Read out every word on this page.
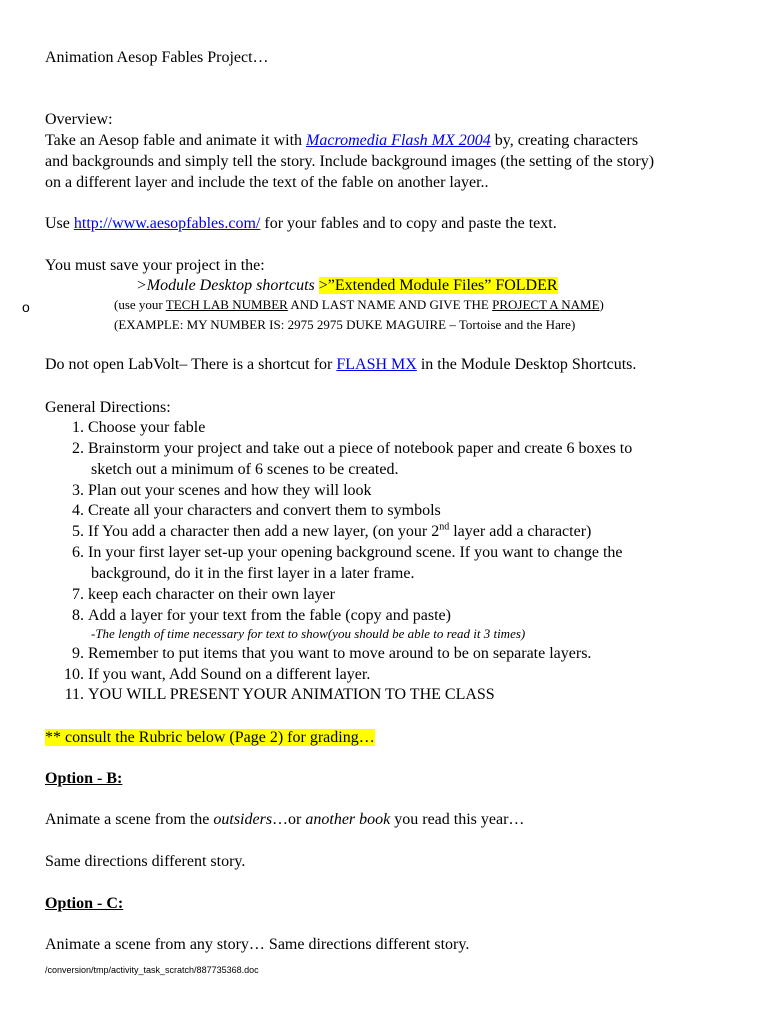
Animation Aesop Fables Project…
Overview:
Take an Aesop fable and animate it with Macromedia Flash MX 2004 by, creating characters
and backgrounds and simply tell the story. Include background images (the setting of the story)
on a different layer and include the text of the fable on another layer..
Use http://www.aesopfables.com/ for your fables and to copy and paste the text.
You must save your project in the:
>Module Desktop shortcuts >”Extended Module Files” FOLDER
o	(use your TECH LAB NUMBER AND LAST NAME AND GIVE THE PROJECT A NAME)
(EXAMPLE: MY NUMBER IS: 2975 2975 DUKE MAGUIRE – Tortoise and the Hare)
Do not open LabVolt– There is a shortcut for FLASH MX in the Module Desktop Shortcuts.
General Directions:
1. Choose your fable
2. Brainstorm your project and take out a piece of notebook paper and create 6 boxes to
sketch out a minimum of 6 scenes to be created.
3. Plan out your scenes and how they will look
4. Create all your characters and convert them to symbols
5. If You add a character then add a new layer, (on your 2nd layer add a character)
6. In your first layer set-up your opening background scene. If you want to change the
background, do it in the first layer in a later frame.
7. keep each character on their own layer
8. Add a layer for your text from the fable (copy and paste)
-The length of time necessary for text to show(you should be able to read it 3 times)
9. Remember to put items that you want to move around to be on separate layers.
10. If you want, Add Sound on a different layer.
11. YOU WILL PRESENT YOUR ANIMATION TO THE CLASS
** consult the Rubric below (Page 2) for grading…
Option - B:
Animate a scene from the outsiders…or another book you read this year…
Same directions different story.
Option - C:
Animate a scene from any story… Same directions different story.
/conversion/tmp/activity_task_scratch/887735368.doc
